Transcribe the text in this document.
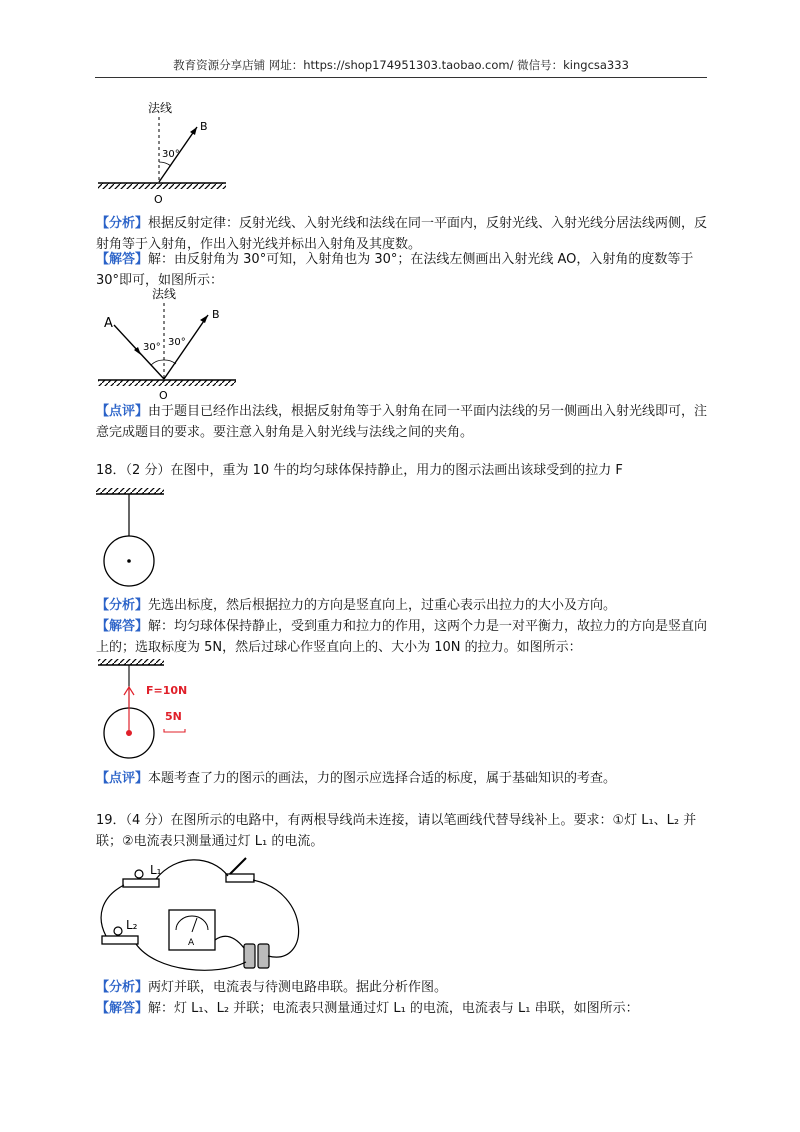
教育资源分享店铺 网址：https://shop174951303.taobao.com/ 微信号：kingcsa333
法线
B
30°
O
【分析】根据反射定律：反射光线、入射光线和法线在同一平面内，反射光线、入射光线分居法线两侧，反射角等于入射角，作出入射光线并标出入射角及其度数。
【解答】解：由反射角为 30°可知，入射角也为 30°；在法线左侧画出入射光线 AO，入射角的度数等于 30°即可，如图所示：
法线
A
B
30° 30°
O
【点评】由于题目已经作出法线，根据反射角等于入射角在同一平面内法线的另一侧画出入射光线即可，注意完成题目的要求。要注意入射角是入射光线与法线之间的夹角。
18．（2 分）在图中，重为 10 牛的均匀球体保持静止，用力的图示法画出该球受到的拉力 F
【分析】先选出标度，然后根据拉力的方向是竖直向上，过重心表示出拉力的大小及方向。
【解答】解：均匀球体保持静止，受到重力和拉力的作用，这两个力是一对平衡力，故拉力的方向是竖直向上的；选取标度为 5N，然后过球心作竖直向上的、大小为 10N 的拉力。如图所示：
F=10N
5N
【点评】本题考查了力的图示的画法，力的图示应选择合适的标度，属于基础知识的考查。
19．（4 分）在图所示的电路中，有两根导线尚未连接，请以笔画线代替导线补上。要求：①灯 L₁、L₂ 并联；②电流表只测量通过灯 L₁ 的电流。
L₁
L₂
A
【分析】两灯并联，电流表与待测电路串联。据此分析作图。
【解答】解：灯 L₁、L₂ 并联；电流表只测量通过灯 L₁ 的电流，电流表与 L₁ 串联，如图所示：
